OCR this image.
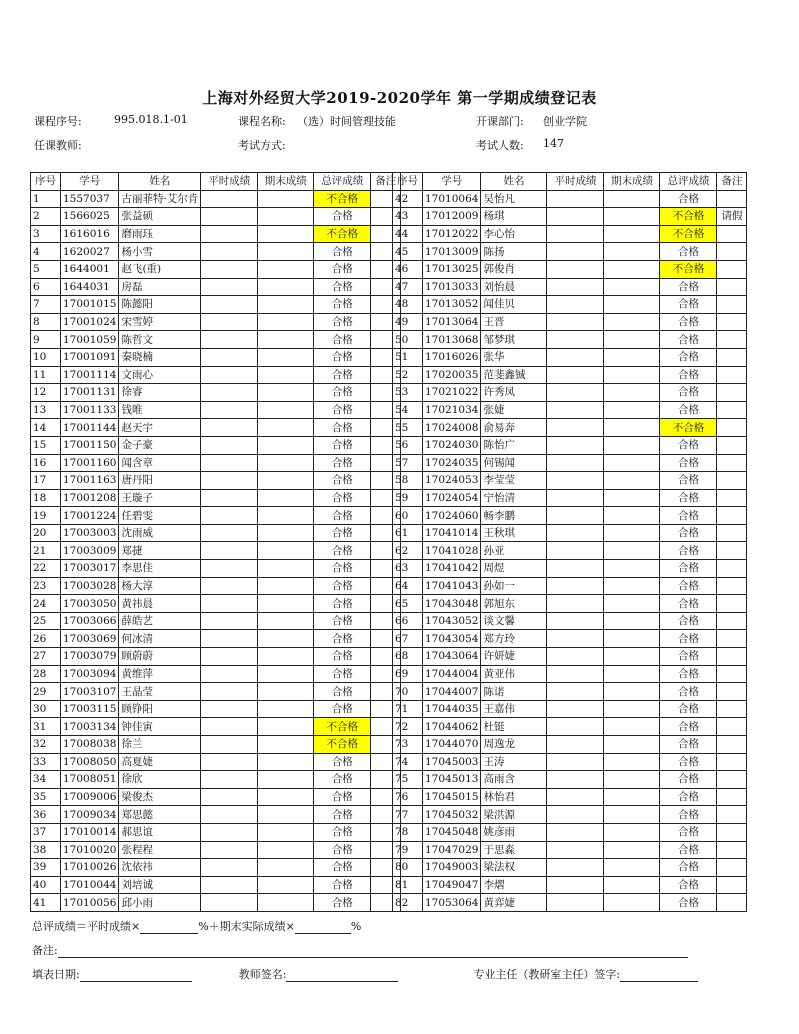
上海对外经贸大学2019-2020学年 第一学期成绩登记表
课程序号:	995.018.1-01	课程名称: （选）时间管理技能	开课部门: 创业学院
任课教师:	考试方式:	考试人数: 147
序号	学号	姓名	平时成绩	期末成绩	总评成绩	备注
1	1557037	古丽菲特·艾尔肯			不合格	
2	1566025	张益硕			合格	
3	1616016	磨雨珏			不合格	
4	1620027	杨小雪			合格	
5	1644001	赵飞(重)			合格	
6	1644031	房磊			合格	
7	17001015	陈懿阳			合格	
8	17001024	宋雪婷			合格	
9	17001059	陈哲文			合格	
10	17001091	秦晓楠			合格	
11	17001114	文雨心			合格	
12	17001131	徐睿			合格	
13	17001133	钱唯			合格	
14	17001144	赵天宇			合格	
15	17001150	金子豪			合格	
16	17001160	闻含章			合格	
17	17001163	唐丹阳			合格	
18	17001208	王璇子			合格	
19	17001224	任碧雯			合格	
20	17003003	沈雨威			合格	
21	17003009	郑捷			合格	
22	17003017	李思佳			合格	
23	17003028	杨大淳			合格	
24	17003050	黄祎晨			合格	
25	17003066	薛皓艺			合格	
26	17003069	何冰清			合格	
27	17003079	顾蔚蔚			合格	
28	17003094	黄维萍			合格	
29	17003107	王晶莹			合格	
30	17003115	顾铮阳			合格	
31	17003134	钟佳寅			不合格	
32	17008038	徐兰			不合格	
33	17008050	高夏婕			合格	
34	17008051	徐欣			合格	
35	17009006	梁俊杰			合格	
36	17009034	郑思懿			合格	
37	17010014	郝思谊			合格	
38	17010020	张程程			合格	
39	17010026	沈依祎			合格	
40	17010044	刘培诚			合格	
41	17010056	邱小雨			合格	
序号	学号	姓名	平时成绩	期末成绩	总评成绩	备注
42	17010064	吴怡凡			合格	
43	17012009	杨琪			不合格	请假
44	17012022	李心怡			不合格	
45	17013009	陈扬			合格	
46	17013025	郭俊肖			不合格	
47	17013033	刘怡晨			合格	
48	17013052	闻佳贝			合格	
49	17013064	王晋			合格	
50	17013068	邹梦琪			合格	
51	17016026	张华			合格	
52	17020035	范斐鑫铖			合格	
53	17021022	许秀凤			合格	
54	17021034	张婕			合格	
55	17024008	俞易奔			不合格	
56	17024030	陈怡广			合格	
57	17024035	何锡闻			合格	
58	17024053	李莹莹			合格	
59	17024054	宁怡清			合格	
60	17024060	畅李鹏			合格	
61	17041014	王秋琪			合格	
62	17041028	孙亚			合格	
63	17041042	周煜			合格	
64	17041043	孙如一			合格	
65	17043048	郭旭东			合格	
66	17043052	谈文馨			合格	
67	17043054	郑方玲			合格	
68	17043064	许妍婕			合格	
69	17044004	黄亚伟			合格	
70	17044007	陈诺			合格	
71	17044035	王嘉伟			合格	
72	17044062	杜铤			合格	
73	17044070	周逸龙			合格	
74	17045003	王涛			合格	
75	17045013	高雨含			合格	
76	17045015	林怡君			合格	
77	17045032	梁洪源			合格	
78	17045048	姚彦雨			合格	
79	17047029	于思淼			合格	
80	17049003	梁法权			合格	
81	17049047	李熠			合格	
82	17053064	黄弈婕			合格	
总评成绩＝平时成绩×	%＋期末实际成绩×	%
备注:
填表日期:	教师签名:	专业主任（教研室主任）签字:
